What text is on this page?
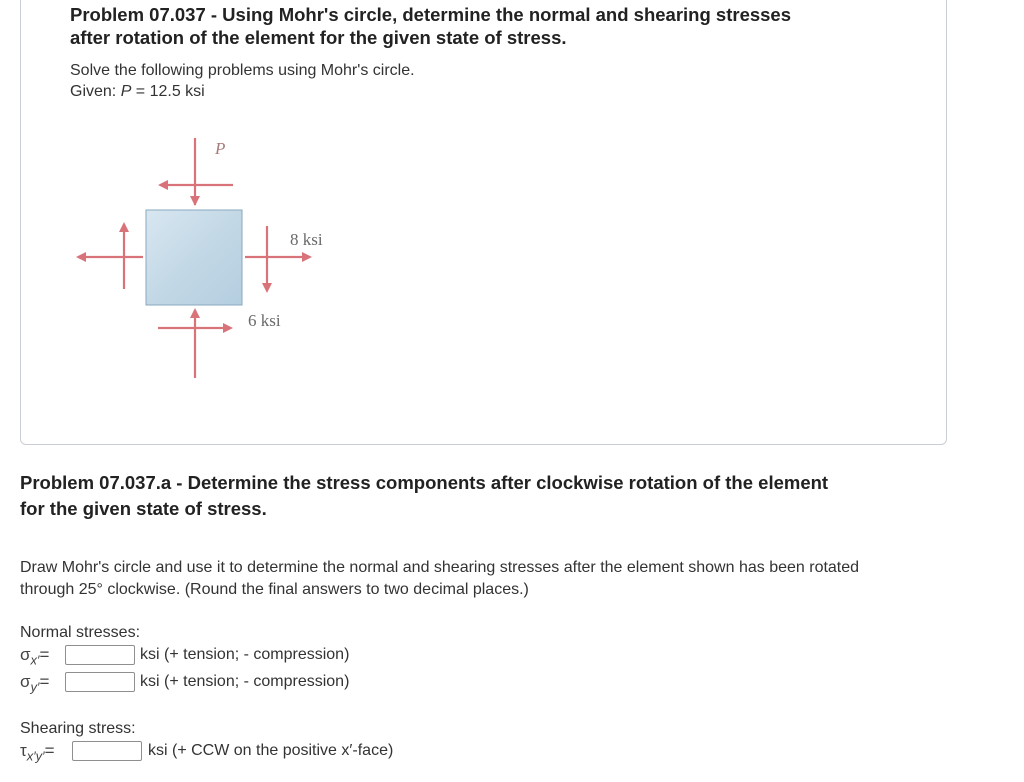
Problem 07.037 - Using Mohr's circle, determine the normal and shearing stresses

after rotation of the element for the given state of stress.

Solve the following problems using Mohr's circle.

Given: P = 12.5 ksi

P
8 ksi
6 ksi

Problem 07.037.a - Determine the stress components after clockwise rotation of the element

for the given state of stress.

Draw Mohr's circle and use it to determine the normal and shearing stresses after the element shown has been rotated

through 25° clockwise. (Round the final answers to two decimal places.)

Normal stresses:

$\sigma_{x'}=$	ksi (+ tension; - compression)

$\sigma_{y'}=$	ksi (+ tension; - compression)

Shearing stress:

$\tau_{x'y'}=$	ksi (+ CCW on the positive x′-face)
